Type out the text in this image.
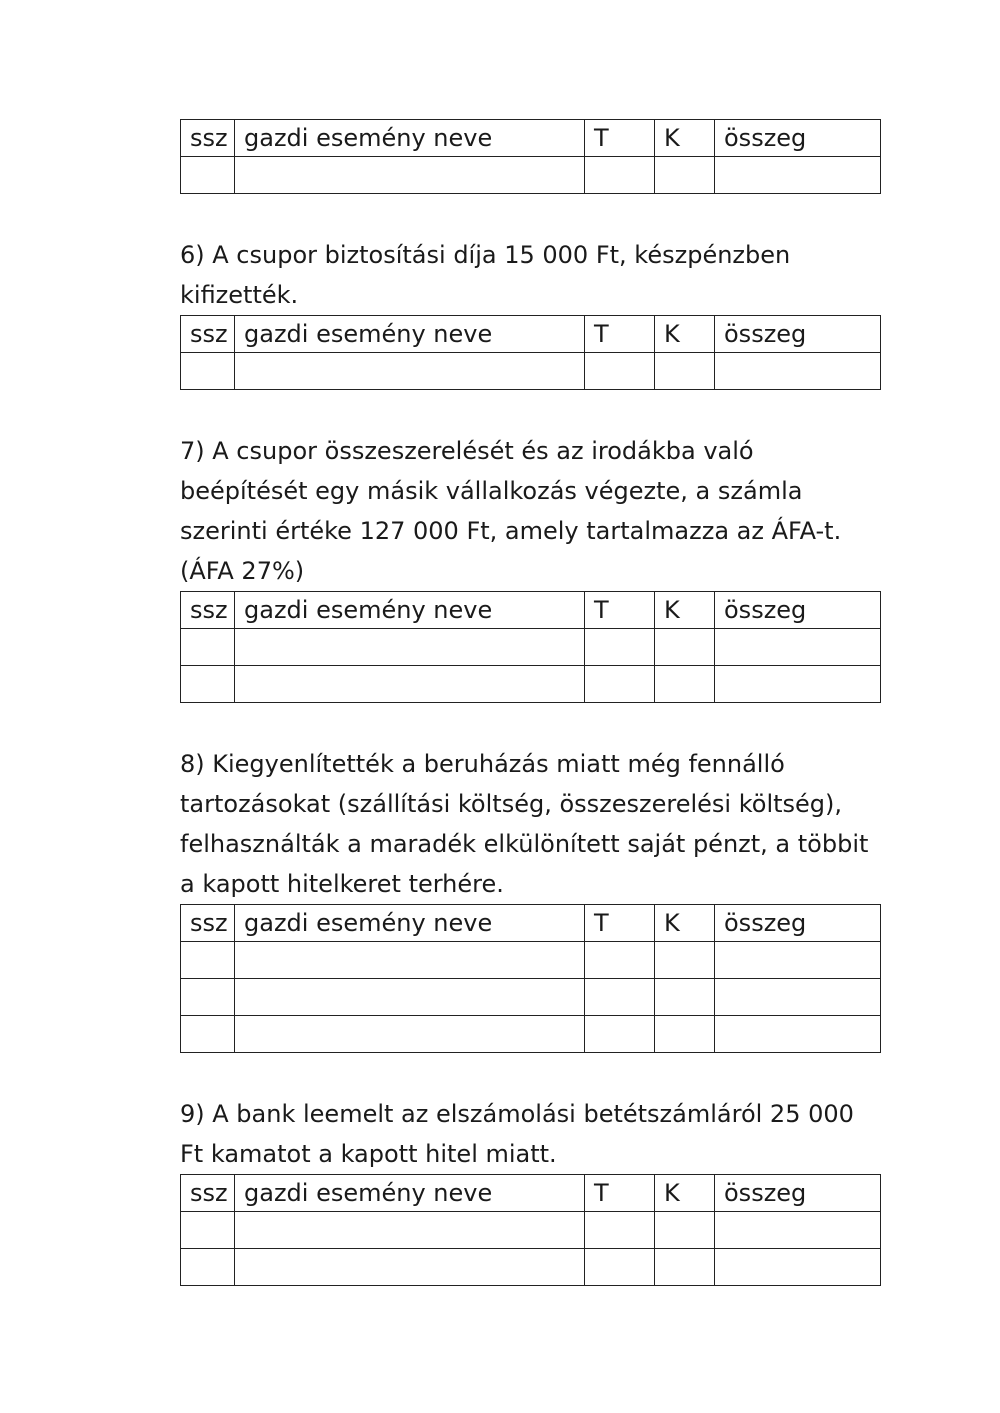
ssz	gazdi esemény neve	T	K	összeg

6) A csupor biztosítási díja 15 000 Ft, készpénzben kifizették.

ssz	gazdi esemény neve	T	K	összeg

7) A csupor összeszerelését és az irodákba való beépítését egy másik vállalkozás végezte, a számla szerinti értéke 127 000 Ft, amely tartalmazza az ÁFA-t. (ÁFA 27%)

ssz	gazdi esemény neve	T	K	összeg

8) Kiegyenlítették a beruházás miatt még fennálló tartozásokat (szállítási költség, összeszerelési költség), felhasználták a maradék elkülönített saját pénzt, a többit a kapott hitelkeret terhére.

ssz	gazdi esemény neve	T	K	összeg

9) A bank leemelt az elszámolási betétszámláról 25 000 Ft kamatot a kapott hitel miatt.

ssz	gazdi esemény neve	T	K	összeg
